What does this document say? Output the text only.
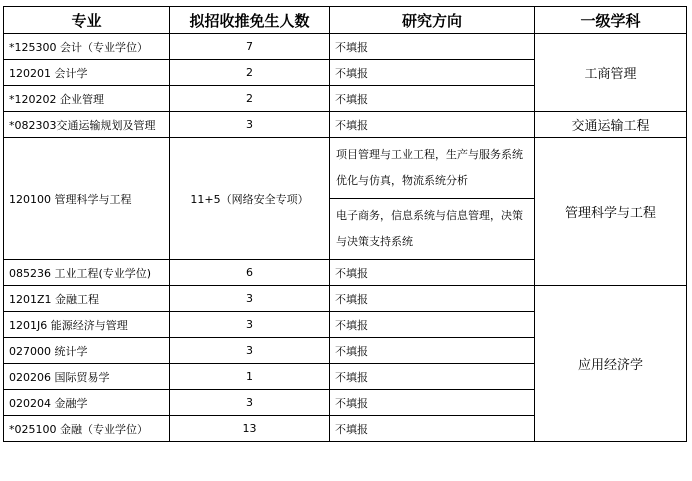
专业	拟招收推免生人数	研究方向	一级学科
*125300 会计（专业学位）	7	不填报	工商管理
120201 会计学	2	不填报	
*120202 企业管理	2	不填报	
*082303交通运输规划及管理	3	不填报	交通运输工程
120100 管理科学与工程	11+5（网络安全专项）	项目管理与工业工程，生产与服务系统优化与仿真，物流系统分析	管理科学与工程
		电子商务，信息系统与信息管理，决策与决策支持系统	
085236 工业工程(专业学位)	6	不填报	
1201Z1 金融工程	3	不填报	应用经济学
1201J6 能源经济与管理	3	不填报	
027000 统计学	3	不填报	
020206 国际贸易学	1	不填报	
020204 金融学	3	不填报	
*025100 金融（专业学位）	13	不填报	
